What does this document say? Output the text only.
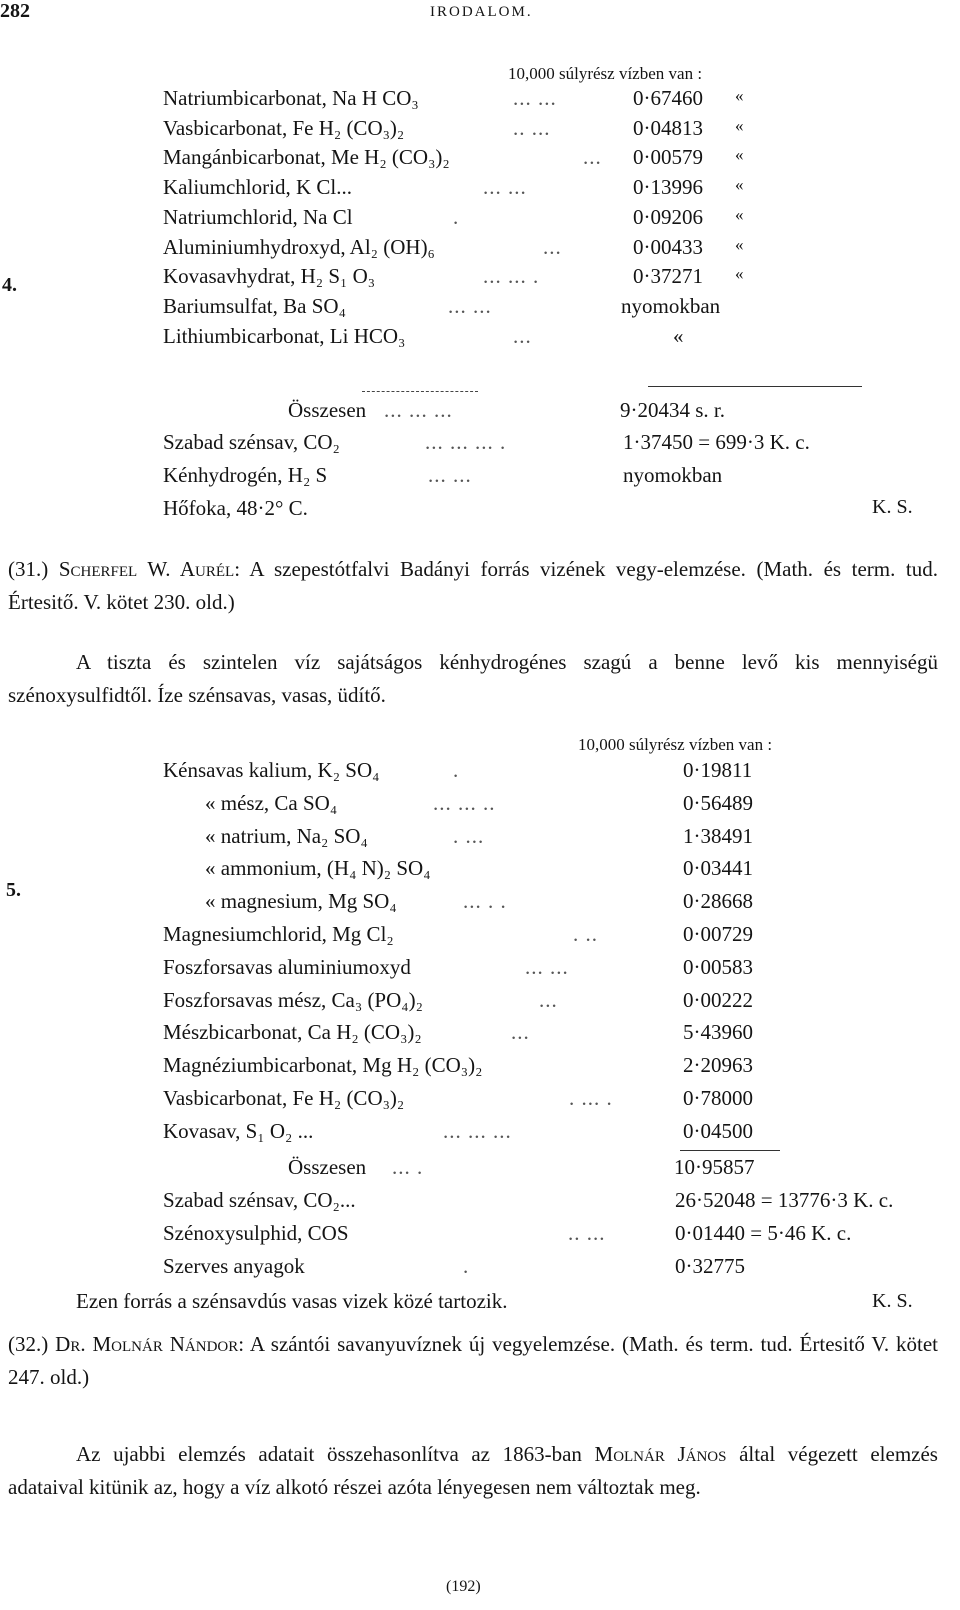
282	IRODALOM.
10,000 súlyrész vízben van :
4.
Natriumbicarbonat, Na H CO₃	... ...	0·67460 «
Vasbicarbonat, Fe H₂ (CO₃)₂	.. ...	0·04813 «
Mangánbicarbonat, Me H₂ (CO₃)₂	... 0·00579 «
Kaliumchlorid, K Cl...	... ...	0·13996 «
Natriumchlorid, Na Cl	.	0·09206 «
Aluminiumhydroxyd, Al₂ (OH)₆	...	0·00433 «
Kovasavhydrat, H₂ S₁ O₃	... ... .	0·37271 «
Bariumsulfat, Ba SO₄	... ...	nyomokban
Lithiumbicarbonat, Li HCO₃	...	«
Összesen ... ... ...	9·20434 s. r.
Szabad szénsav, CO₂	... ... ... .	1·37450 = 699·3 K. c.
Kénhydrogén, H₂ S	... ...	nyomokban
Hőfoka, 48·2° C.	K. S.
(31.) Scherfel W. Aurél: A szepestótfalvi Badányi forrás vizének vegy-elemzése. (Math. és term. tud. Értesitő. V. kötet 230. old.)
A tiszta és szintelen víz sajátságos kénhydrogénes szagú a benne levő kis mennyiségü szénoxysulfidtől. Íze szénsavas, vasas, üdítő.
10,000 súlyrész vízben van :
5.
Kénsavas kalium, K₂ SO₄	.	0·19811
« mész, Ca SO₄	... ... ..	0·56489
« natrium, Na₂ SO₄	. ...	1·38491
« ammonium, (H₄ N)₂ SO₄	0·03441
« magnesium, Mg SO₄	... . .	0·28668
Magnesiumchlorid, Mg Cl₂	. ..	0·00729
Foszforsavas aluminiumoxyd	... ...	0·00583
Foszforsavas mész, Ca₃ (PO₄)₂	...	0·00222
Mészbicarbonat, Ca H₂ (CO₃)₂	...	5·43960
Magnéziumbicarbonat, Mg H₂ (CO₃)₂	2·20963
Vasbicarbonat, Fe H₂ (CO₃)₂	. ... .	0·78000
Kovasav, S₁ O₂ ...	... ... ...	0·04500
Összesen ... .	10·95857
Szabad szénsav, CO₂...	26·52048 = 13776·3 K. c.
Szénoxysulphid, COS	.. ...	0·01440 = 5·46 K. c.
Szerves anyagok	.	0·32775
Ezen forrás a szénsavdús vasas vizek közé tartozik.	K. S.
(32.) Dr. Molnár Nándor: A szántói savanyuvíznek új vegyelemzése. (Math. és term. tud. Értesitő V. kötet 247. old.)
Az ujabbi elemzés adatait összehasonlítva az 1863-ban Molnár János által végezett elemzés adataival kitünik az, hogy a víz alkotó részei azóta lényegesen nem változtak meg.
(192)
